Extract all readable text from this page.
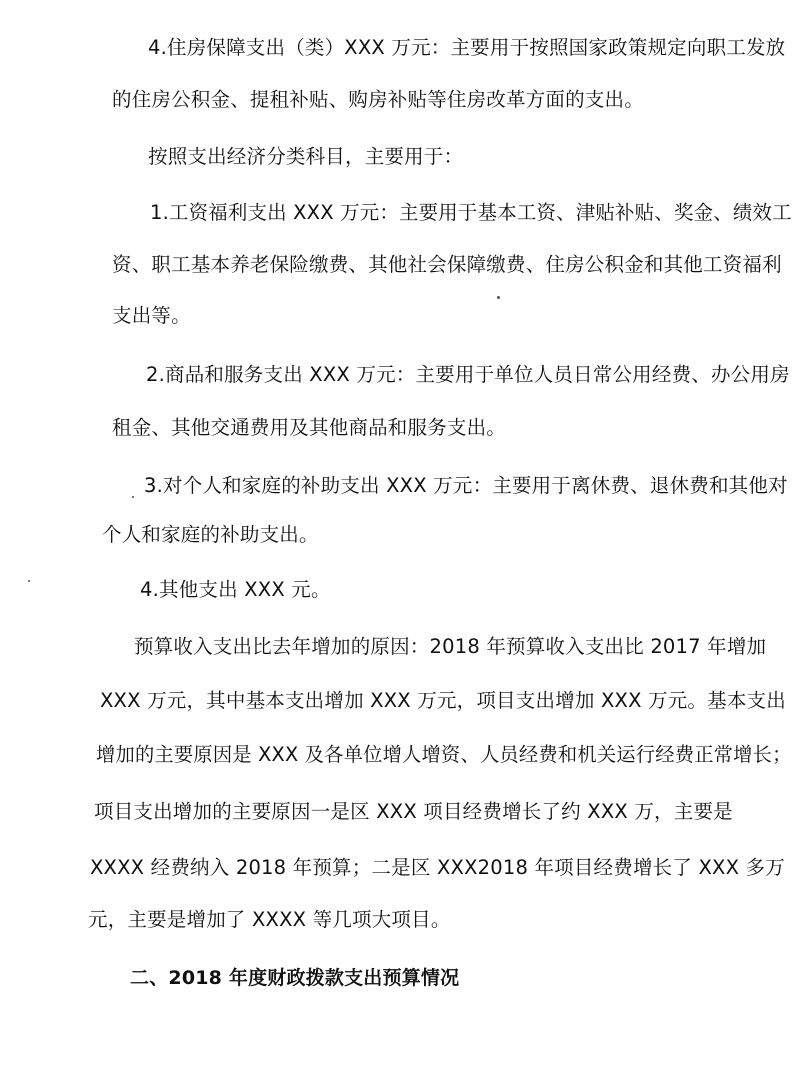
4.住房保障支出（类）XXX 万元：主要用于按照国家政策规定向职工发放
的住房公积金、提租补贴、购房补贴等住房改革方面的支出。
按照支出经济分类科目，主要用于：
1.工资福利支出 XXX 万元：主要用于基本工资、津贴补贴、奖金、绩效工
资、职工基本养老保险缴费、其他社会保障缴费、住房公积金和其他工资福利
支出等。
2.商品和服务支出 XXX 万元：主要用于单位人员日常公用经费、办公用房
租金、其他交通费用及其他商品和服务支出。
3.对个人和家庭的补助支出 XXX 万元：主要用于离休费、退休费和其他对
个人和家庭的补助支出。
4.其他支出 XXX 元。
预算收入支出比去年增加的原因：2018 年预算收入支出比 2017 年增加
XXX 万元，其中基本支出增加 XXX 万元，项目支出增加 XXX 万元。基本支出
增加的主要原因是 XXX 及各单位增人增资、人员经费和机关运行经费正常增长；
项目支出增加的主要原因一是区 XXX 项目经费增长了约 XXX 万，主要是
XXXX 经费纳入 2018 年预算；二是区 XXX2018 年项目经费增长了 XXX 多万
元，主要是增加了 XXXX 等几项大项目。
二、2018 年度财政拨款支出预算情况
